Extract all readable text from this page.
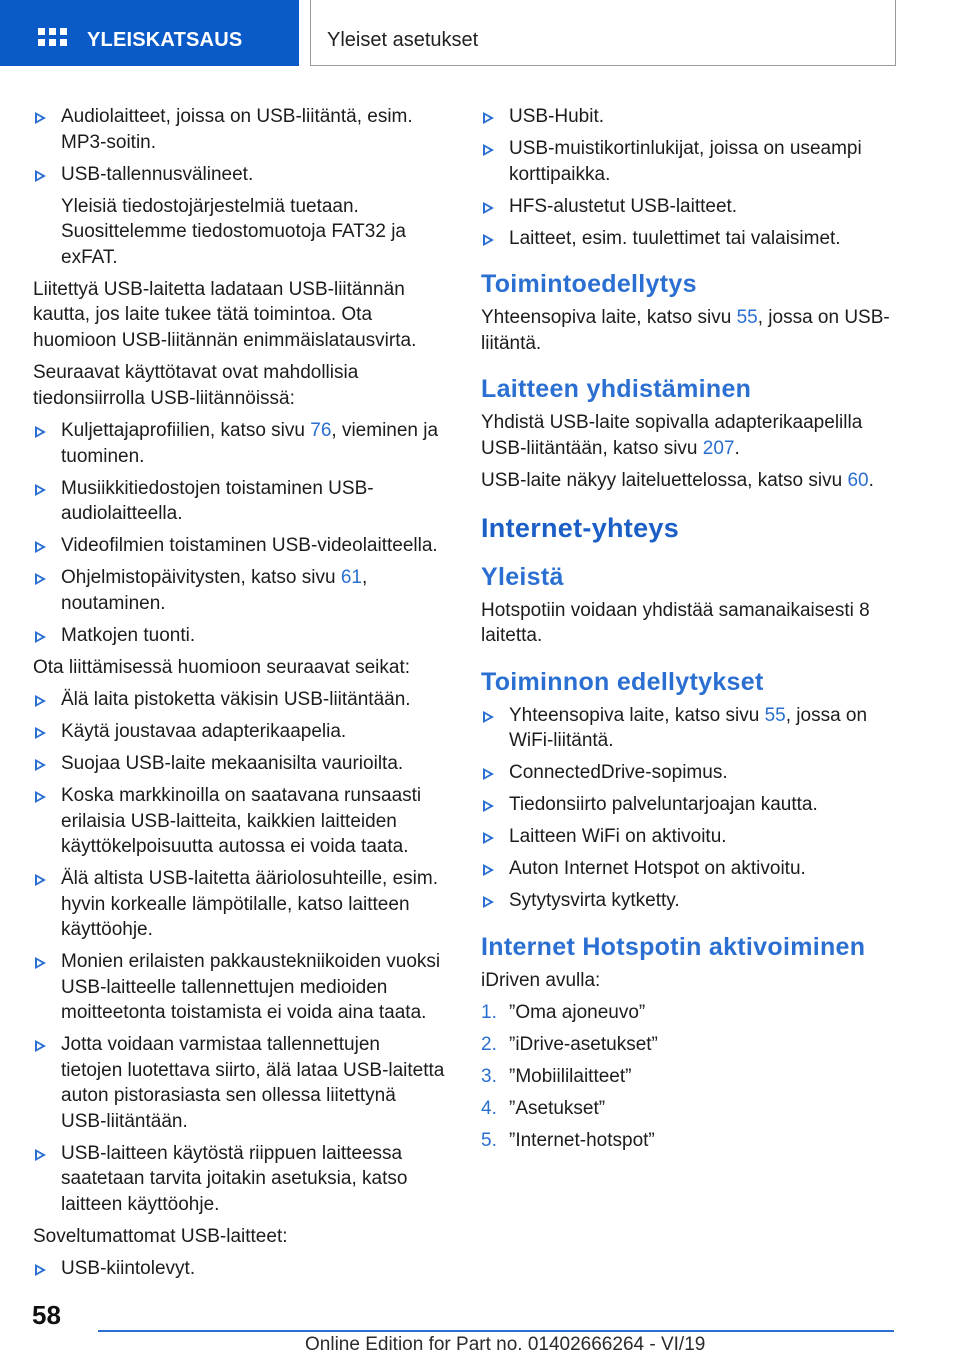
YLEISKATSAUS	Yleiset asetukset
Audiolaitteet, joissa on USB-liitäntä, esim. MP3-soitin.
USB-tallennusvälineet.
Yleisiä tiedostojärjestelmiä tuetaan. Suosittelemme tiedostomuotoja FAT32 ja exFAT.

Liitettyä USB-laitetta ladataan USB-liitännän kautta, jos laite tukee tätä toimintoa. Ota huomioon USB-liitännän enimmäislatausvirta.

Seuraavat käyttötavat ovat mahdollisia tiedonsiirrolla USB-liitännöissä:

Kuljettajaprofiilien, katso sivu 76, vieminen ja tuominen.
Musiikkitiedostojen toistaminen USB-audiolaitteella.
Videofilmien toistaminen USB-videolaitteella.
Ohjelmistopäivitysten, katso sivu 61, noutaminen.
Matkojen tuonti.

Ota liittämisessä huomioon seuraavat seikat:

Älä laita pistoketta väkisin USB-liitäntään.
Käytä joustavaa adapterikaapelia.
Suojaa USB-laite mekaanisilta vaurioilta.
Koska markkinoilla on saatavana runsaasti erilaisia USB-laitteita, kaikkien laitteiden käyttökelpoisuutta autossa ei voida taata.
Älä altista USB-laitetta ääriolosuhteille, esim. hyvin korkealle lämpötilalle, katso laitteen käyttöohje.
Monien erilaisten pakkaustekniikoiden vuoksi USB-laitteelle tallennettujen medioiden moitteetonta toistamista ei voida aina taata.
Jotta voidaan varmistaa tallennettujen tietojen luotettava siirto, älä lataa USB-laitetta auton pistorasiasta sen ollessa liitettynä USB-liitäntään.
USB-laitteen käytöstä riippuen laitteessa saatetaan tarvita joitakin asetuksia, katso laitteen käyttöohje.

Soveltumattomat USB-laitteet:

USB-kiintolevyt.
USB-Hubit.
USB-muistikortinlukijat, joissa on useampi korttipaikka.
HFS-alustetut USB-laitteet.
Laitteet, esim. tuulettimet tai valaisimet.
Toimintoedellytys

Yhteensopiva laite, katso sivu 55, jossa on USB-liitäntä.

Laitteen yhdistäminen

Yhdistä USB-laite sopivalla adapterikaapelilla USB-liitäntään, katso sivu 207.

USB-laite näkyy laiteluettelossa, katso sivu 60.

Internet-yhteys
Yleistä

Hotspotiin voidaan yhdistää samanaikaisesti 8 laitetta.

Toiminnon edellytykset
Yhteensopiva laite, katso sivu 55, jossa on WiFi-liitäntä.
ConnectedDrive-sopimus.
Tiedonsiirto palveluntarjoajan kautta.
Laitteen WiFi on aktivoitu.
Auton Internet Hotspot on aktivoitu.
Sytytysvirta kytketty.
Internet Hotspotin aktivoiminen

iDriven avulla:

1. ”Oma ajoneuvo”
2. ”iDrive-asetukset”
3. ”Mobiililaitteet”
4. ”Asetukset”
5. ”Internet-hotspot”
58
Online Edition for Part no. 01402666264 - VI/19
